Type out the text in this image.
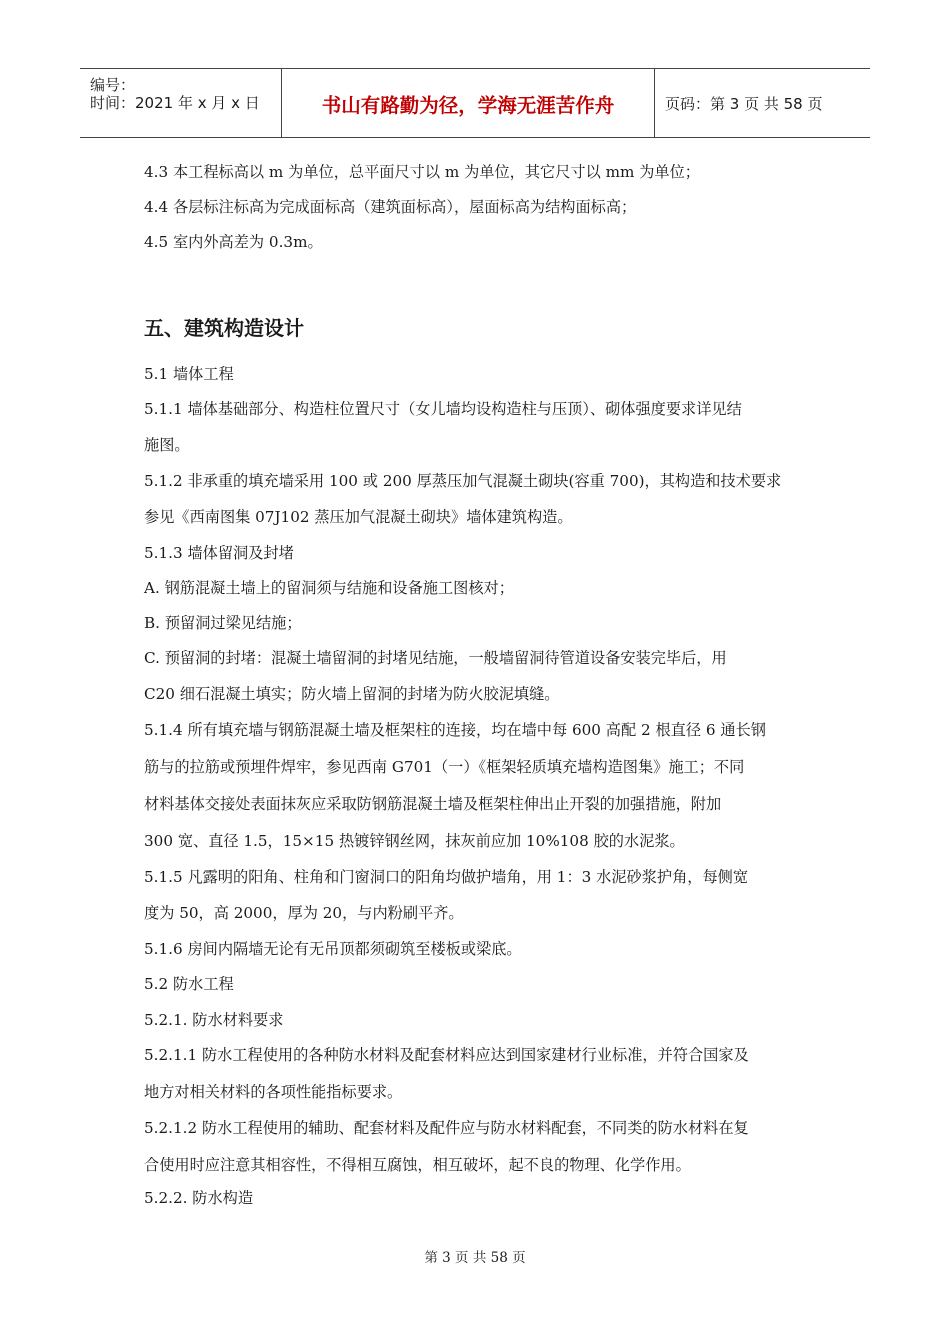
编号：
时间：2021 年 x 月 x 日	书山有路勤为径，学海无涯苦作舟	页码：第 3 页 共 58 页
4.3 本工程标高以 m 为单位，总平面尺寸以 m 为单位，其它尺寸以 mm 为单位；
4.4 各层标注标高为完成面标高（建筑面标高），屋面标高为结构面标高；
4.5 室内外高差为 0.3m。
五、建筑构造设计
5.1 墙体工程
5.1.1 墙体基础部分、构造柱位置尺寸（女儿墙均设构造柱与压顶）、砌体强度要求详见结
施图。
5.1.2 非承重的填充墙采用 100 或 200 厚蒸压加气混凝土砌块(容重 700)，其构造和技术要求
参见《西南图集 07J102 蒸压加气混凝土砌块》墙体建筑构造。
5.1.3 墙体留洞及封堵
A. 钢筋混凝土墙上的留洞须与结施和设备施工图核对；
B. 预留洞过梁见结施；
C. 预留洞的封堵：混凝土墙留洞的封堵见结施，一般墙留洞待管道设备安装完毕后，用
C20 细石混凝土填实；防火墙上留洞的封堵为防火胶泥填缝。
5.1.4 所有填充墙与钢筋混凝土墙及框架柱的连接，均在墙中每 600 高配 2 根直径 6 通长钢
筋与的拉筋或预埋件焊牢，参见西南 G701（一）《框架轻质填充墙构造图集》施工；不同
材料基体交接处表面抹灰应采取防钢筋混凝土墙及框架柱伸出止开裂的加强措施，附加
300 宽、直径 1.5，15×15 热镀锌钢丝网，抹灰前应加 10%108 胶的水泥浆。
5.1.5 凡露明的阳角、柱角和门窗洞口的阳角均做护墙角，用 1：3 水泥砂浆护角，每侧宽
度为 50，高 2000，厚为 20，与内粉刷平齐。
5.1.6 房间内隔墙无论有无吊顶都须砌筑至楼板或梁底。
5.2 防水工程
5.2.1. 防水材料要求
5.2.1.1 防水工程使用的各种防水材料及配套材料应达到国家建材行业标准，并符合国家及
地方对相关材料的各项性能指标要求。
5.2.1.2 防水工程使用的辅助、配套材料及配件应与防水材料配套，不同类的防水材料在复
合使用时应注意其相容性，不得相互腐蚀，相互破坏，起不良的物理、化学作用。
5.2.2. 防水构造
第 3 页 共 58 页
